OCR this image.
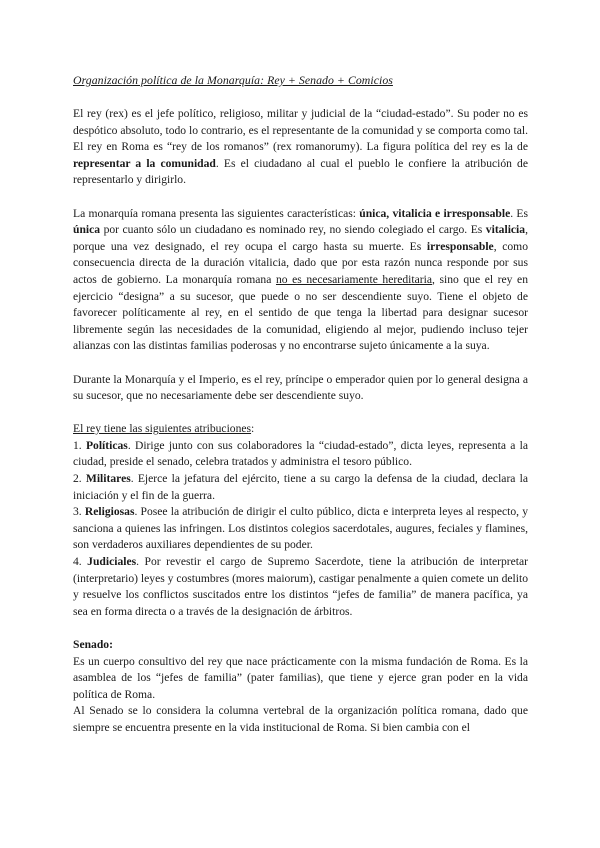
Organización política de la Monarquía: Rey + Senado + Comicios

El rey (rex) es el jefe político, religioso, militar y judicial de la “ciudad-estado”. Su poder no es despótico absoluto, todo lo contrario, es el representante de la comunidad y se comporta como tal. El rey en Roma es “rey de los romanos” (rex romanorumy). La figura política del rey es la de representar a la comunidad. Es el ciudadano al cual el pueblo le confiere la atribución de representarlo y dirigirlo.

La monarquía romana presenta las siguientes características: única, vitalicia e irresponsable. Es única por cuanto sólo un ciudadano es nominado rey, no siendo colegiado el cargo. Es vitalicia, porque una vez designado, el rey ocupa el cargo hasta su muerte. Es irresponsable, como consecuencia directa de la duración vitalicia, dado que por esta razón nunca responde por sus actos de gobierno. La monarquía romana no es necesariamente hereditaria, sino que el rey en ejercicio “designa” a su sucesor, que puede o no ser descendiente suyo. Tiene el objeto de favorecer políticamente al rey, en el sentido de que tenga la libertad para designar sucesor libremente según las necesidades de la comunidad, eligiendo al mejor, pudiendo incluso tejer alianzas con las distintas familias poderosas y no encontrarse sujeto únicamente a la suya.

Durante la Monarquía y el Imperio, es el rey, príncipe o emperador quien por lo general designa a su sucesor, que no necesariamente debe ser descendiente suyo.

El rey tiene las siguientes atribuciones:

1. Políticas. Dirige junto con sus colaboradores la “ciudad-estado”, dicta leyes, representa a la ciudad, preside el senado, celebra tratados y administra el tesoro público.

2. Militares. Ejerce la jefatura del ejército, tiene a su cargo la defensa de la ciudad, declara la iniciación y el fin de la guerra.

3. Religiosas. Posee la atribución de dirigir el culto público, dicta e interpreta leyes al respecto, y sanciona a quienes las infringen. Los distintos colegios sacerdotales, augures, feciales y flamines, son verdaderos auxiliares dependientes de su poder.

4. Judiciales. Por revestir el cargo de Supremo Sacerdote, tiene la atribución de interpretar (interpretario) leyes y costumbres (mores maiorum), castigar penalmente a quien comete un delito y resuelve los conflictos suscitados entre los distintos “jefes de familia” de manera pacífica, ya sea en forma directa o a través de la designación de árbitros.

Senado:

Es un cuerpo consultivo del rey que nace prácticamente con la misma fundación de Roma. Es la asamblea de los “jefes de familia” (pater familias), que tiene y ejerce gran poder en la vida política de Roma.

Al Senado se lo considera la columna vertebral de la organización política romana, dado que siempre se encuentra presente en la vida institucional de Roma. Si bien cambia con el
